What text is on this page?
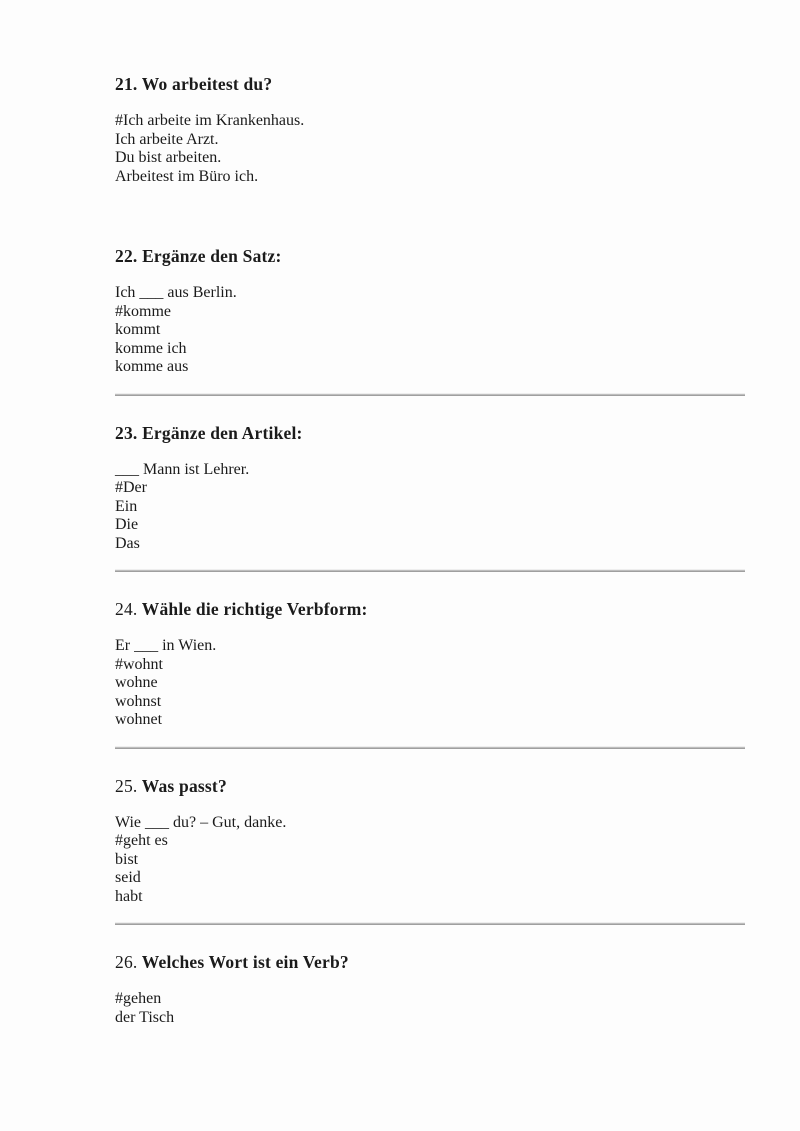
21. Wo arbeitest du?
#Ich arbeite im Krankenhaus.
Ich arbeite Arzt.
Du bist arbeiten.
Arbeitest im Büro ich.
22. Ergänze den Satz:
Ich ___ aus Berlin.
#komme
kommt
komme ich
komme aus
23. Ergänze den Artikel:
___ Mann ist Lehrer.
#Der
Ein
Die
Das
24. Wähle die richtige Verbform:
Er ___ in Wien.
#wohnt
wohne
wohnst
wohnet
25. Was passt?
Wie ___ du? – Gut, danke.
#geht es
bist
seid
habt
26. Welches Wort ist ein Verb?
#gehen
der Tisch
